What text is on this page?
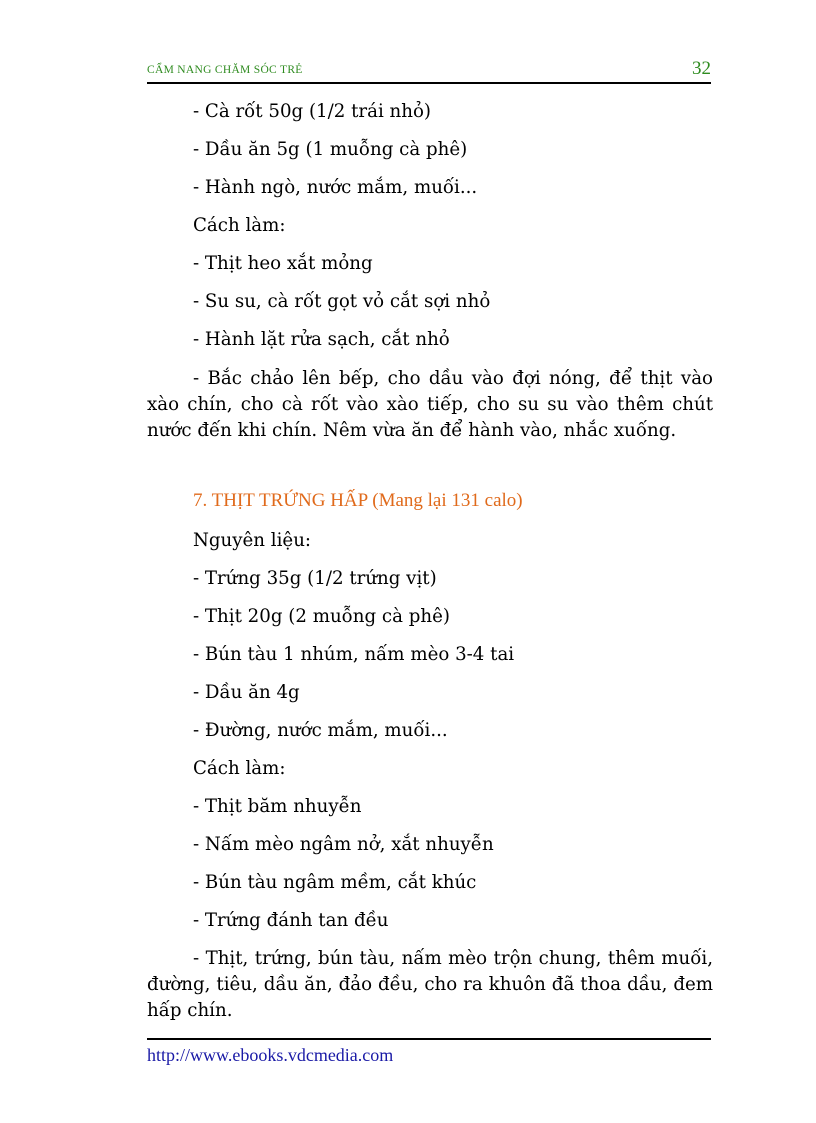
CẨM NANG CHĂM SÓC TRẺ	32
- Cà rốt 50g (1/2 trái nhỏ)
- Dầu ăn 5g (1 muỗng cà phê)
- Hành ngò, nước mắm, muối...
Cách làm:
- Thịt heo xắt mỏng
- Su su, cà rốt gọt vỏ cắt sợi nhỏ
- Hành lặt rửa sạch, cắt nhỏ
- Bắc chảo lên bếp, cho dầu vào đợi nóng, để thịt vào xào chín, cho cà rốt vào xào tiếp, cho su su vào thêm chút nước đến khi chín. Nêm vừa ăn để hành vào, nhắc xuống.
7. THỊT TRỨNG HẤP (Mang lại 131 calo)
Nguyên liệu:
- Trứng 35g (1/2 trứng vịt)
- Thịt 20g (2 muỗng cà phê)
- Bún tàu 1 nhúm, nấm mèo 3-4 tai
- Dầu ăn 4g
- Đường, nước mắm, muối...
Cách làm:
- Thịt băm nhuyễn
- Nấm mèo ngâm nở, xắt nhuyễn
- Bún tàu ngâm mềm, cắt khúc
- Trứng đánh tan đều
- Thịt, trứng, bún tàu, nấm mèo trộn chung, thêm muối, đường, tiêu, dầu ăn, đảo đều, cho ra khuôn đã thoa dầu, đem hấp chín.
http://www.ebooks.vdcmedia.com
